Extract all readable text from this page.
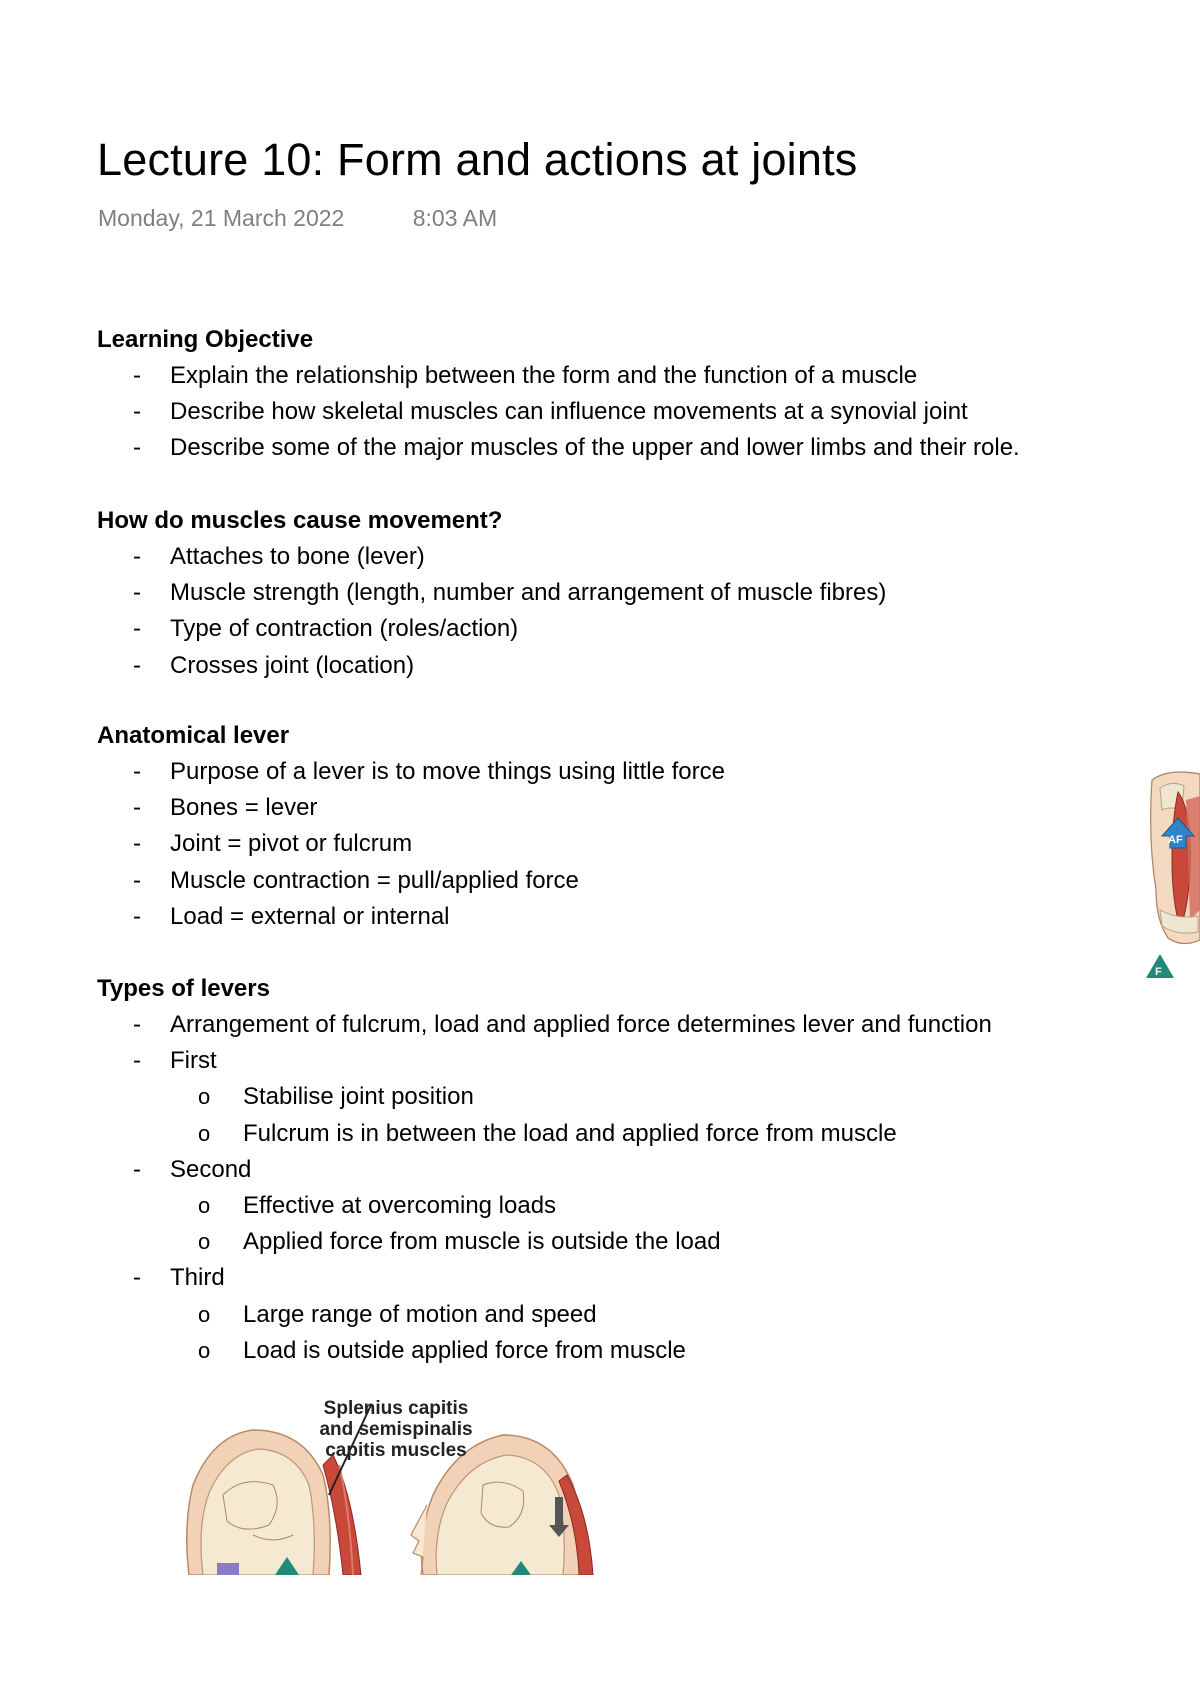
Lecture 10: Form and actions at joints
Monday, 21 March 2022	8:03 AM
Learning Objective
- Explain the relationship between the form and the function of a muscle
- Describe how skeletal muscles can influence movements at a synovial joint
- Describe some of the major muscles of the upper and lower limbs and their role.
How do muscles cause movement?
- Attaches to bone (lever)
- Muscle strength (length, number and arrangement of muscle fibres)
- Type of contraction (roles/action)
- Crosses joint (location)
Anatomical lever
- Purpose of a lever is to move things using little force
- Bones = lever
- Joint = pivot or fulcrum
- Muscle contraction = pull/applied force
- Load = external or internal
Types of levers
- Arrangement of fulcrum, load and applied force determines lever and function
- First
o Stabilise joint position
o Fulcrum is in between the load and applied force from muscle
- Second
o Effective at overcoming loads
o Applied force from muscle is outside the load
- Third
o Large range of motion and speed
o Load is outside applied force from muscle
AF
F
Splenius capitis
and semispinalis
capitis muscles
